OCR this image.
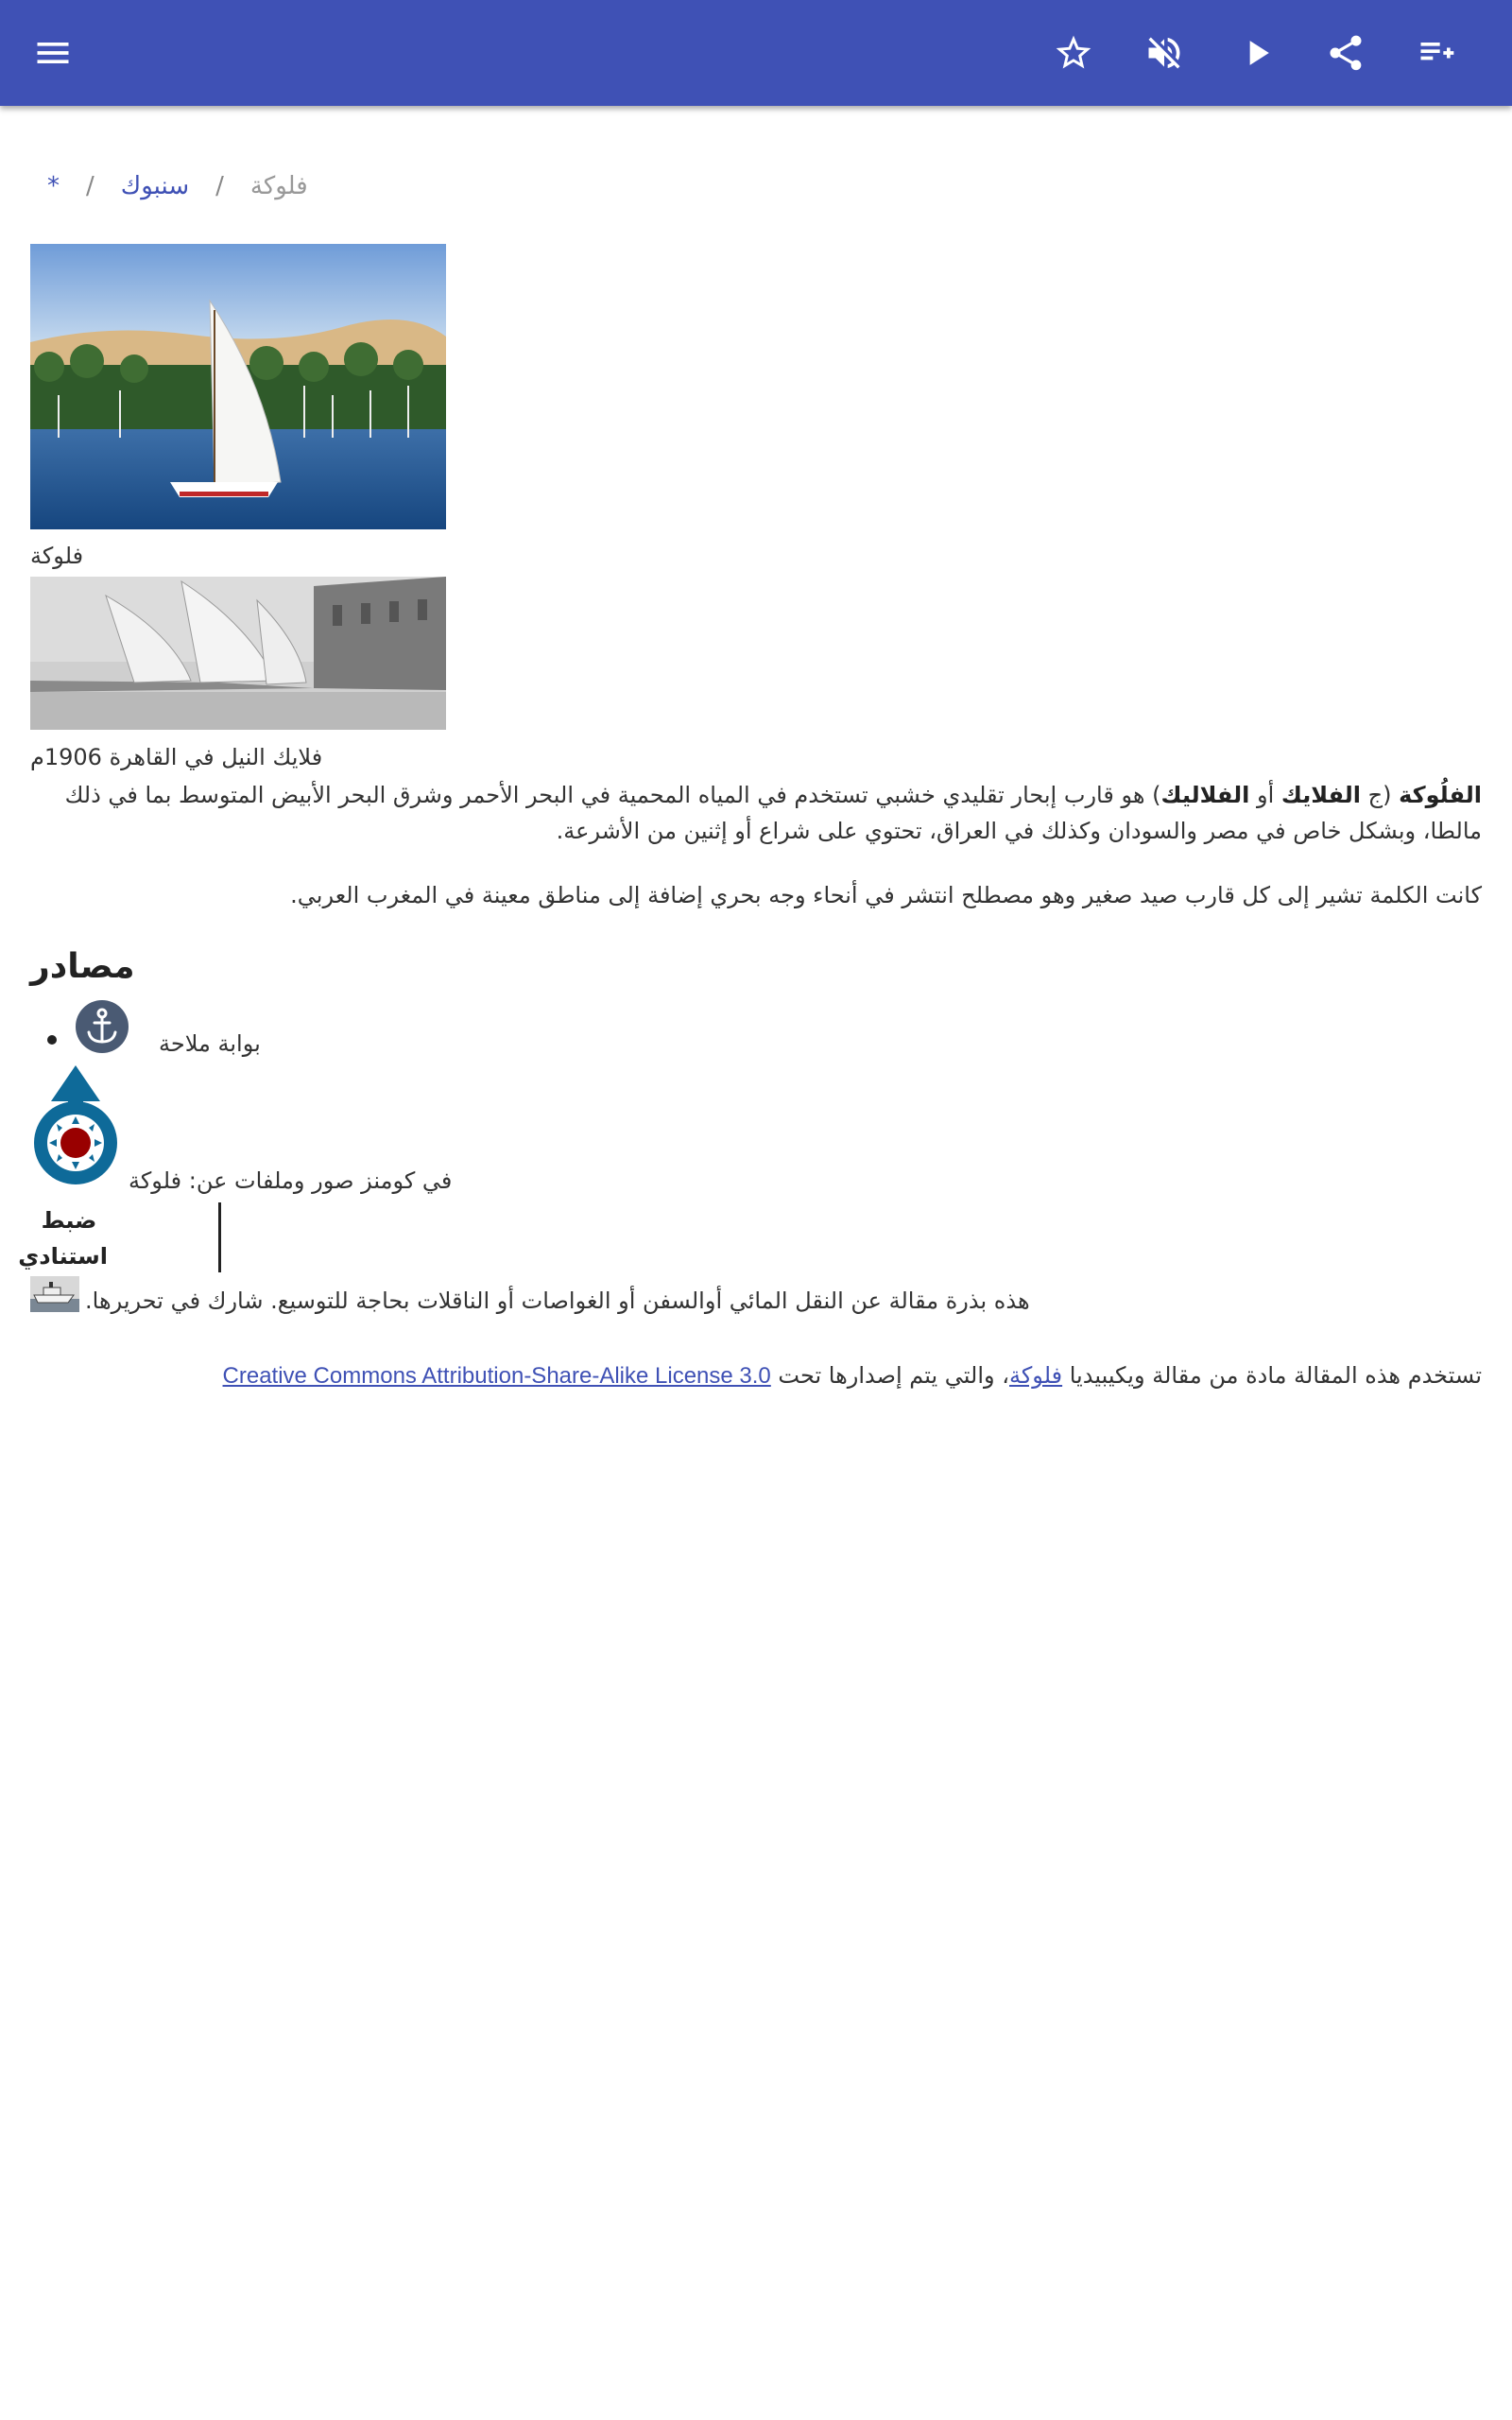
* / سنبوك / فلوكة
فلوكة
فلايك النيل في القاهرة 1906م
الفلُوكة (ج الفلايك أو الفلاليك) هو قارب إبحار تقليدي خشبي تستخدم في المياه المحمية في البحر الأحمر وشرق البحر الأبيض المتوسط بما في ذلك مالطا، وبشكل خاص في مصر والسودان وكذلك في العراق، تحتوي على شراع أو إثنين من الأشرعة.
كانت الكلمة تشير إلى كل قارب صيد صغير وهو مصطلح انتشر في أنحاء وجه بحري إضافة إلى مناطق معينة في المغرب العربي.
مصادر
بوابة ملاحة
في كومنز صور وملفات عن: فلوكة
ضبط استنادي
هذه بذرة مقالة عن النقل المائي أوالسفن أو الغواصات أو الناقلات بحاجة للتوسيع. شارك في تحريرها.
تستخدم هذه المقالة مادة من مقالة ويكيبيديا فلوكة، والتي يتم إصدارها تحت Creative Commons Attribution-Share-Alike License 3.0
